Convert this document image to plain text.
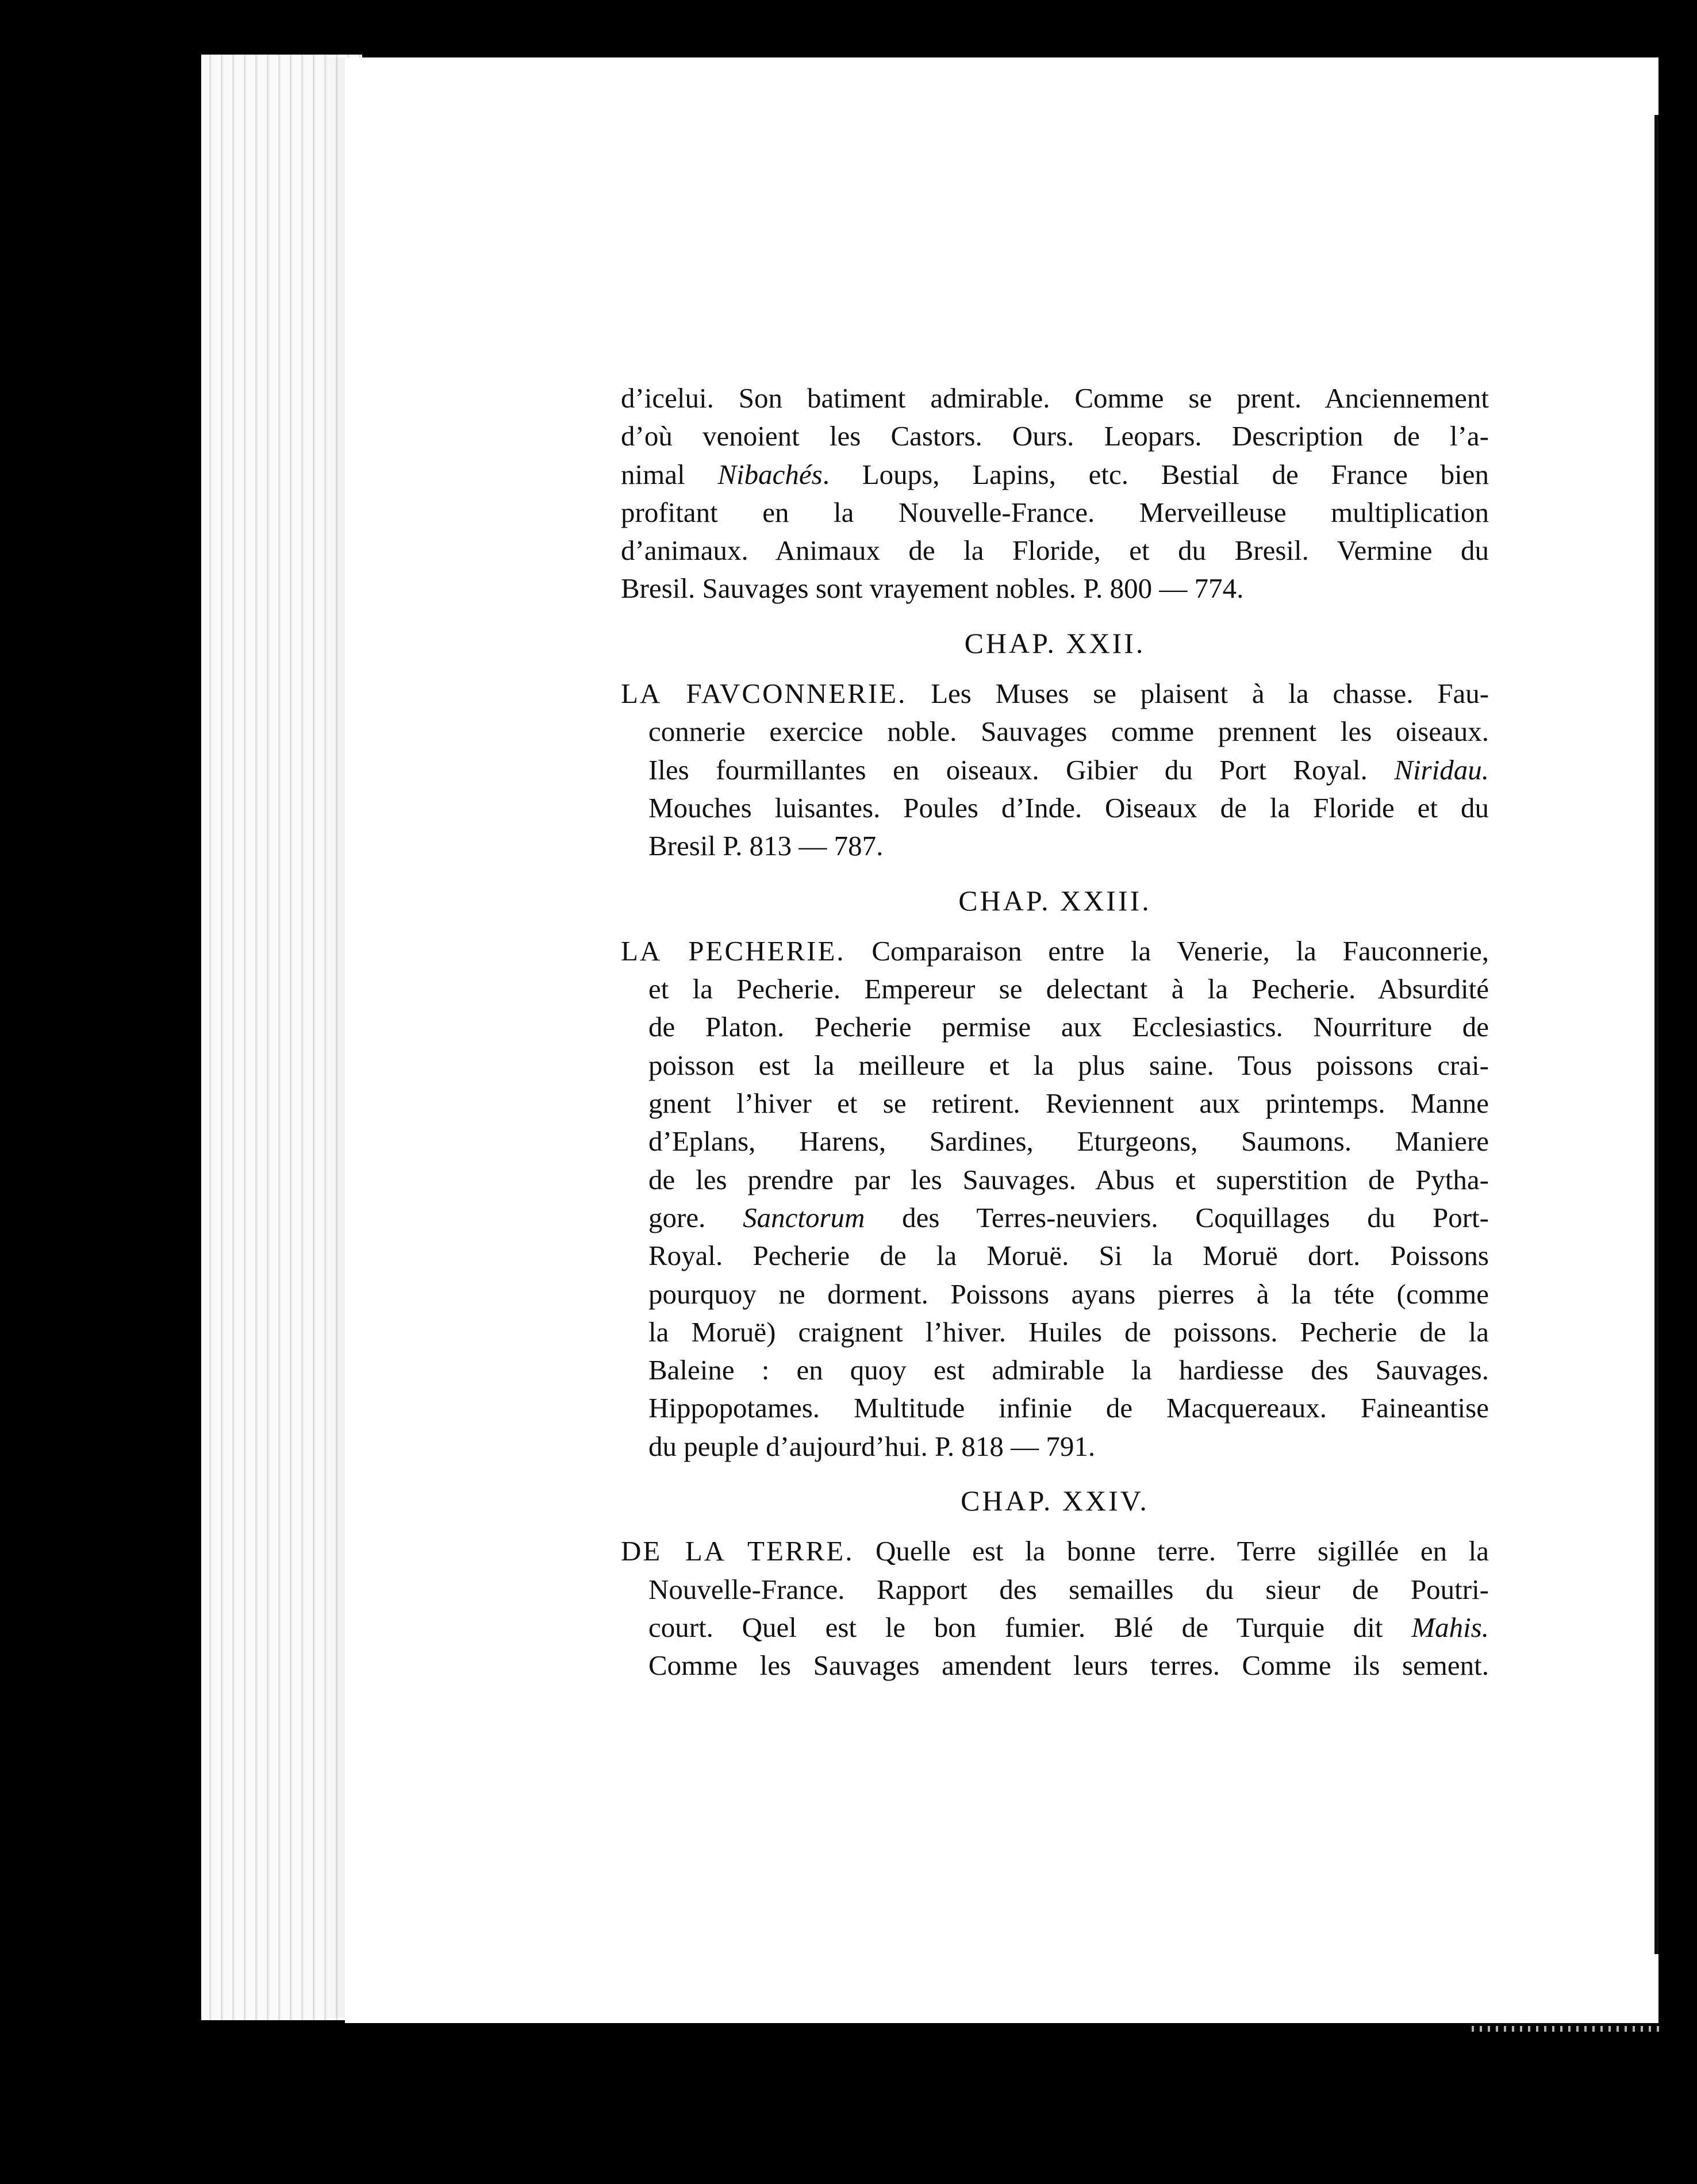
d’icelui. Son batiment admirable. Comme se prent. Anciennement
d’où venoient les Castors. Ours. Leopars. Description de l’a-
nimal Nibachés. Loups, Lapins, etc. Bestial de France bien
profitant en la Nouvelle-France. Merveilleuse multiplication
d’animaux. Animaux de la Floride, et du Bresil. Vermine du
Bresil. Sauvages sont vrayement nobles. P. 800 — 774.
CHAP. XXII.
LA FAVCONNERIE. Les Muses se plaisent à la chasse. Fau-
connerie exercice noble. Sauvages comme prennent les oiseaux.
Iles fourmillantes en oiseaux. Gibier du Port Royal. Niridau.
Mouches luisantes. Poules d’Inde. Oiseaux de la Floride et du
Bresil P. 813 — 787.
CHAP. XXIII.
LA PECHERIE. Comparaison entre la Venerie, la Fauconnerie,
et la Pecherie. Empereur se delectant à la Pecherie. Absurdité
de Platon. Pecherie permise aux Ecclesiastics. Nourriture de
poisson est la meilleure et la plus saine. Tous poissons crai-
gnent l’hiver et se retirent. Reviennent aux printemps. Manne
d’Eplans, Harens, Sardines, Eturgeons, Saumons. Maniere
de les prendre par les Sauvages. Abus et superstition de Pytha-
gore. Sanctorum des Terres-neuviers. Coquillages du Port-
Royal. Pecherie de la Moruë. Si la Moruë dort. Poissons
pourquoy ne dorment. Poissons ayans pierres à la téte (comme
la Moruë) craignent l’hiver. Huiles de poissons. Pecherie de la
Baleine : en quoy est admirable la hardiesse des Sauvages.
Hippopotames. Multitude infinie de Macquereaux. Faineantise
du peuple d’aujourd’hui. P. 818 — 791.
CHAP. XXIV.
DE LA TERRE. Quelle est la bonne terre. Terre sigillée en la
Nouvelle-France. Rapport des semailles du sieur de Poutri-
court. Quel est le bon fumier. Blé de Turquie dit Mahis.
Comme les Sauvages amendent leurs terres. Comme ils sement.
